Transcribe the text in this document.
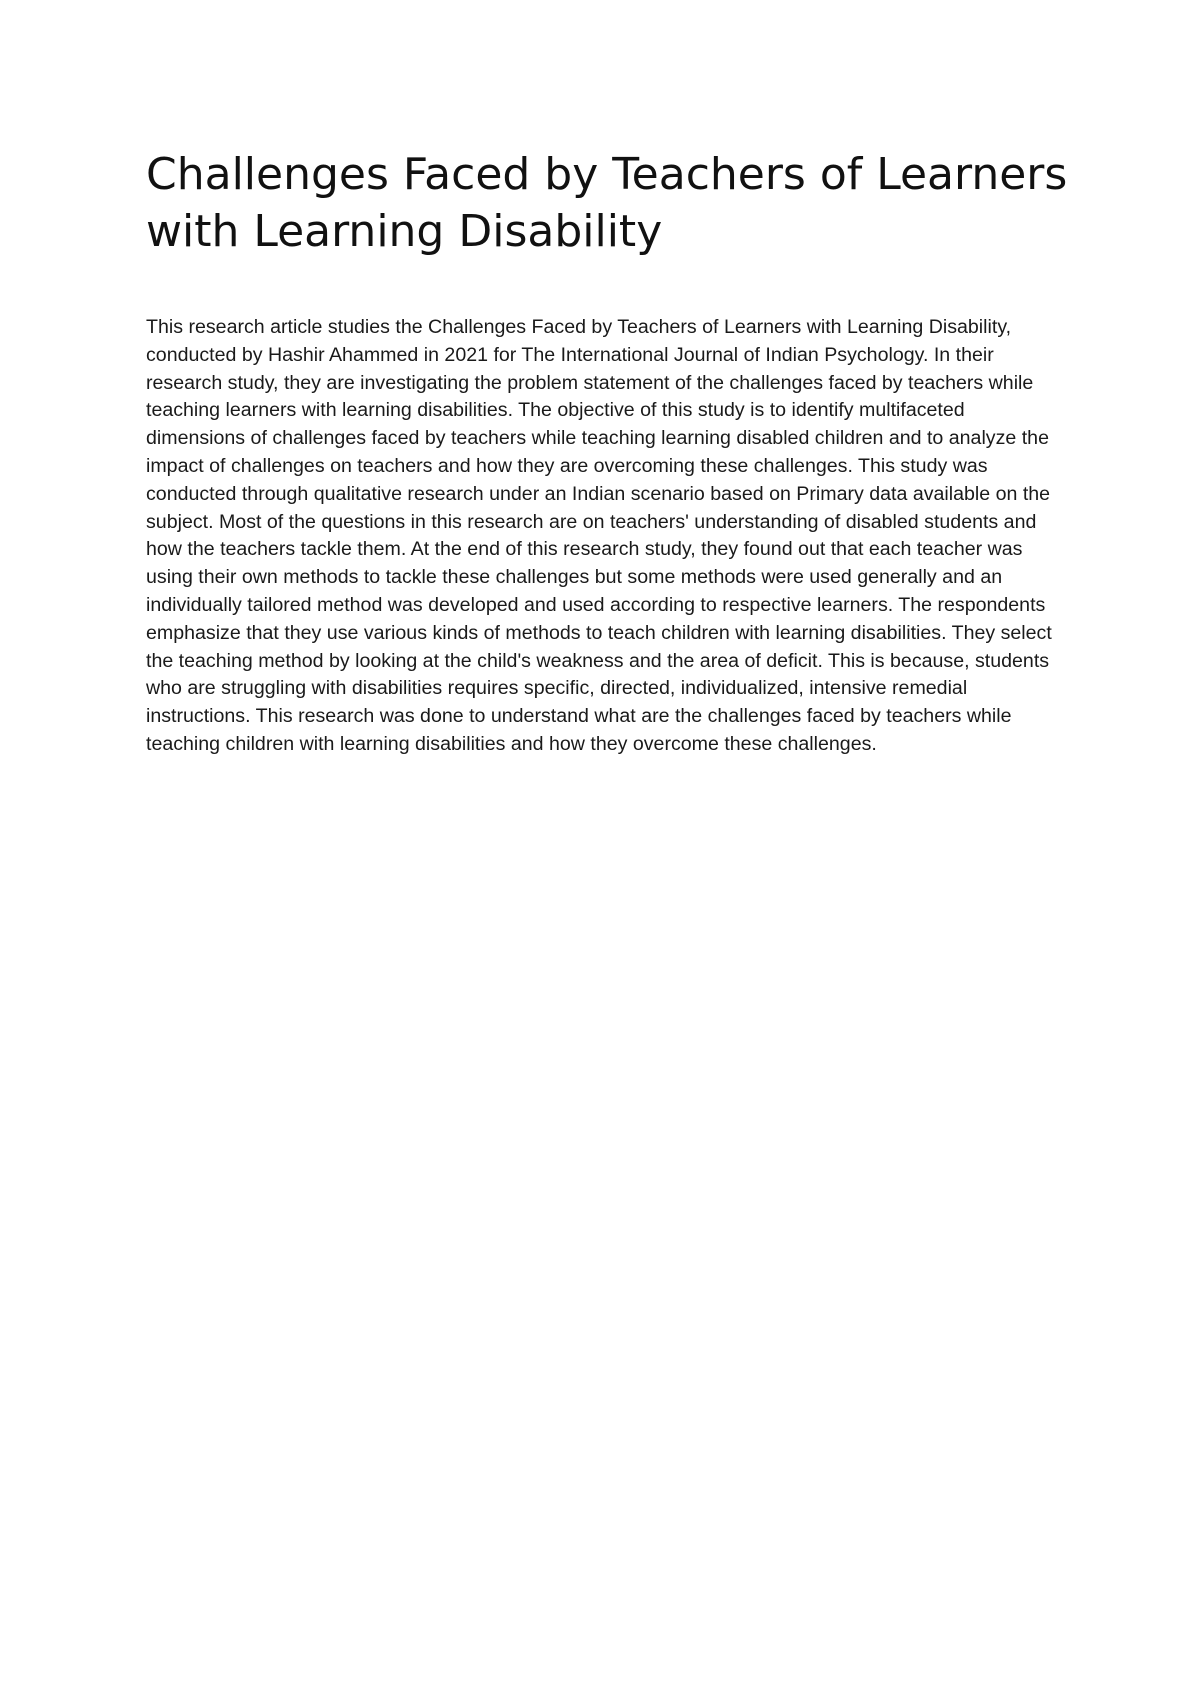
Challenges Faced by Teachers of Learners with Learning Disability

This research article studies the Challenges Faced by Teachers of Learners with Learning Disability, conducted by Hashir Ahammed in 2021 for The International Journal of Indian Psychology. In their research study, they are investigating the problem statement of the challenges faced by teachers while teaching learners with learning disabilities. The objective of this study is to identify multifaceted dimensions of challenges faced by teachers while teaching learning disabled children and to analyze the impact of challenges on teachers and how they are overcoming these challenges. This study was conducted through qualitative research under an Indian scenario based on Primary data available on the subject. Most of the questions in this research are on teachers' understanding of disabled students and how the teachers tackle them. At the end of this research study, they found out that each teacher was using their own methods to tackle these challenges but some methods were used generally and an individually tailored method was developed and used according to respective learners. The respondents emphasize that they use various kinds of methods to teach children with learning disabilities. They select the teaching method by looking at the child's weakness and the area of deficit. This is because, students who are struggling with disabilities requires specific, directed, individualized, intensive remedial instructions. This research was done to understand what are the challenges faced by teachers while teaching children with learning disabilities and how they overcome these challenges.
